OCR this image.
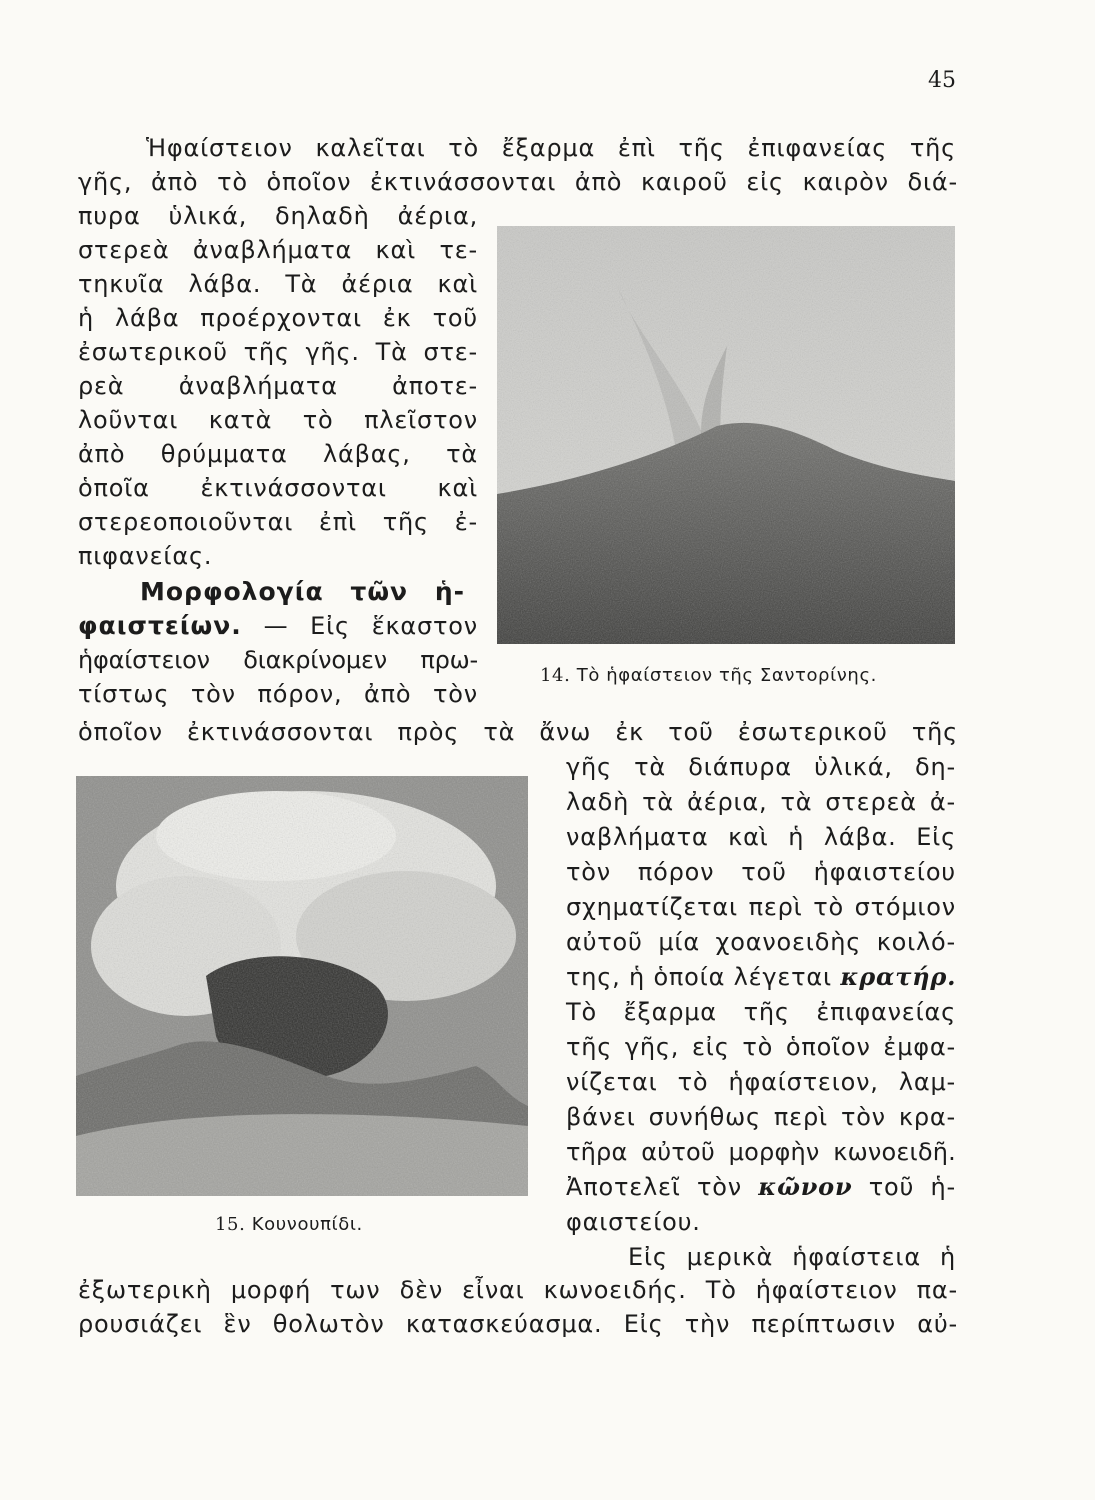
45

Ἡφαίστειον καλεῖται τὸ ἔξαρμα ἐπὶ τῆς ἐπιφανείας τῆς

γῆς, ἀπὸ τὸ ὁποῖον ἐκτινάσσονται ἀπὸ καιροῦ εἰς καιρὸν διά-

πυρα ὑλικά, δηλαδὴ ἀέρια,

στερεὰ ἀναβλήματα καὶ τε-

τηκυῖα λάβα. Τὰ ἀέρια καὶ

ἡ λάβα προέρχονται ἐκ τοῦ

ἐσωτερικοῦ τῆς γῆς. Τὰ στε-

ρεὰ ἀναβλήματα ἀποτε-

λοῦνται κατὰ τὸ πλεῖστον

ἀπὸ θρύμματα λάβας, τὰ

ὁποῖα ἐκτινάσσονται καὶ

στερεοποιοῦνται ἐπὶ τῆς ἐ-

πιφανείας.

Μορφολογία τῶν ἡ-

φαιστείων. — Εἰς ἕκαστον

ἡφαίστειον διακρίνομεν πρω-

τίστως τὸν πόρον, ἀπὸ τὸν

ὁποῖον ἐκτινάσσονται πρὸς τὰ ἄνω ἐκ τοῦ ἐσωτερικοῦ τῆς

γῆς τὰ διάπυρα ὑλικά, δη-

λαδὴ τὰ ἀέρια, τὰ στερεὰ ἀ-

ναβλήματα καὶ ἡ λάβα. Εἰς

τὸν πόρον τοῦ ἡφαιστείου

σχηματίζεται περὶ τὸ στόμιον

αὐτοῦ μία χοανοειδὴς κοιλό-

της, ἡ ὁποία λέγεται κρατήρ.

Τὸ ἔξαρμα τῆς ἐπιφανείας

τῆς γῆς, εἰς τὸ ὁποῖον ἐμφα-

νίζεται τὸ ἡφαίστειον, λαμ-

βάνει συνήθως περὶ τὸν κρα-

τῆρα αὐτοῦ μορφὴν κωνοειδῆ.

Ἀποτελεῖ τὸν κῶνον τοῦ ἡ-

φαιστείου.

Εἰς μερικὰ ἡφαίστεια ἡ

ἐξωτερικὴ μορφή των δὲν εἶναι κωνοειδής. Τὸ ἡφαίστειον πα-

ρουσιάζει ἓν θολωτὸν κατασκεύασμα. Εἰς τὴν περίπτωσιν αὐ-

14. Τὸ ἡφαίστειον τῆς Σαντορίνης.
15. Κουνουπίδι.
